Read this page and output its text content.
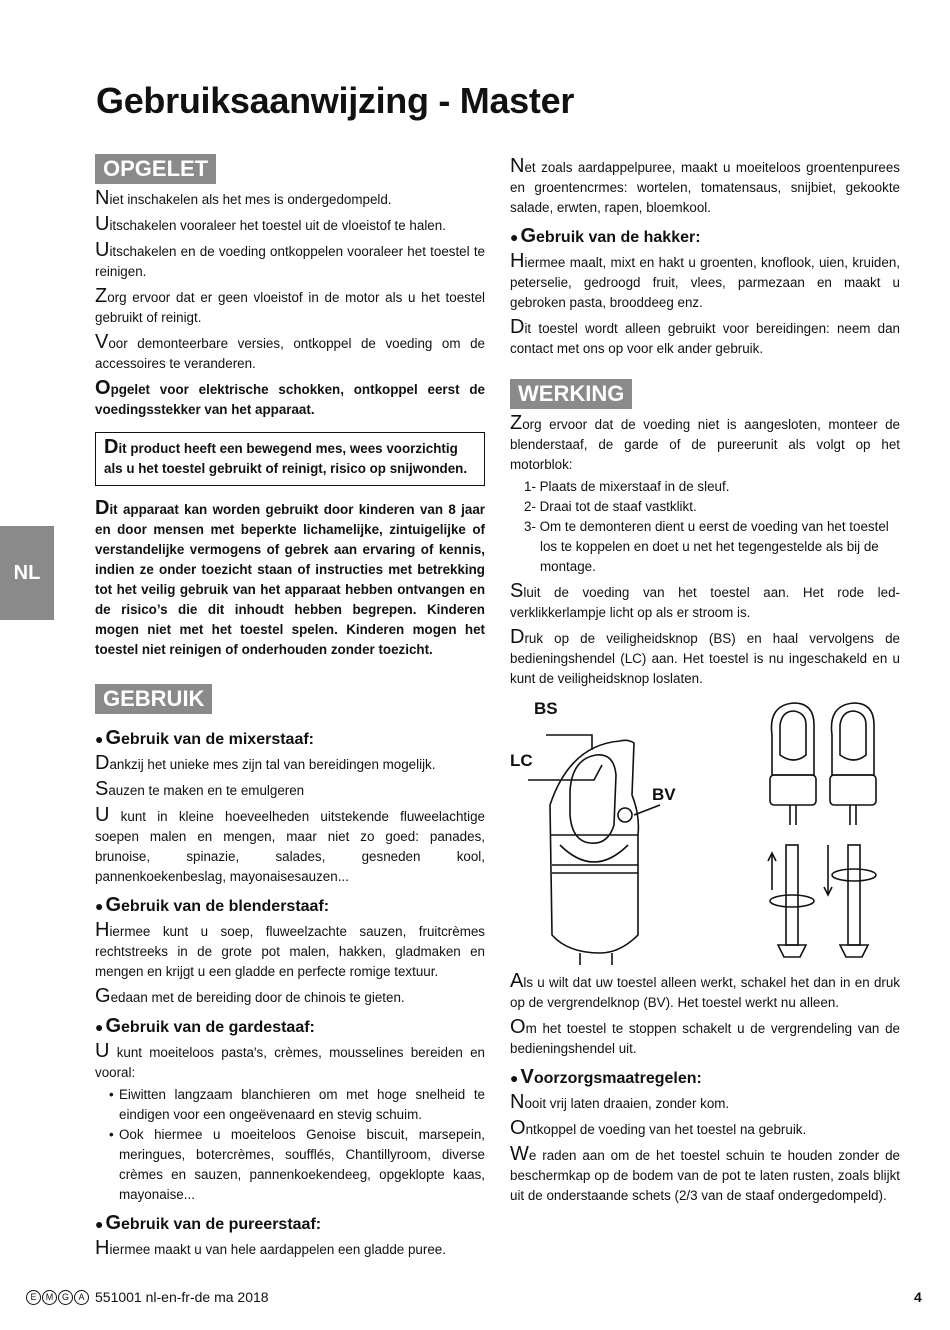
Gebruiksaanwijzing - Master
NL
OPGELET

Niet inschakelen als het mes is ondergedompeld.

Uitschakelen vooraleer het toestel uit de vloeistof te halen.

Uitschakelen en de voeding ontkoppelen vooraleer het toestel te reinigen.

Zorg ervoor dat er geen vloeistof in de motor als u het toestel gebruikt of reinigt.

Voor demonteerbare versies, ontkoppel de voeding om de accessoires te veranderen.

Opgelet voor elektrische schokken, ontkoppel eerst de voedingsstekker van het apparaat.

Dit product heeft een bewegend mes, wees voorzichtig als u het toestel gebruikt of reinigt, risico op snijwonden.

Dit apparaat kan worden gebruikt door kinderen van 8 jaar en door mensen met beperkte lichamelijke, zintuigelijke of verstandelijke vermogens of gebrek aan ervaring of kennis, indien ze onder toezicht staan of instructies met betrekking tot het veilig gebruik van het apparaat hebben ontvangen en de risico’s die dit inhoudt hebben begrepen. Kinderen mogen niet met het toestel spelen. Kinderen mogen het toestel niet reinigen of onderhouden zonder toezicht.

GEBRUIK
● Gebruik van de mixerstaaf:

Dankzij het unieke mes zijn tal van bereidingen mogelijk.

Sauzen te maken en te emulgeren

U kunt in kleine hoeveelheden uitstekende fluweelachtige soepen malen en mengen, maar niet zo goed: panades, brunoise, spinazie, salades, gesneden kool, pannenkoekenbeslag, mayonaisesauzen...

● Gebruik van de blenderstaaf:

Hiermee kunt u soep, fluweelzachte sauzen, fruitcrèmes rechtstreeks in de grote pot malen, hakken, gladmaken en mengen en krijgt u een gladde en perfecte romige textuur.

Gedaan met de bereiding door de chinois te gieten.

● Gebruik van de gardestaaf:

U kunt moeiteloos pasta's, crèmes, mousselines bereiden en vooral:

• Eiwitten langzaam blanchieren om met hoge snelheid te eindigen voor een ongeëvenaard en stevig schuim.
• Ook hiermee u moeiteloos Genoise biscuit, marsepein, meringues, botercrèmes, soufflés, Chantillyroom, diverse crèmes en sauzen, pannenkoekendeeg, opgeklopte kaas, mayonaise...
● Gebruik van de pureerstaaf:

Hiermee maakt u van hele aardappelen een gladde puree.

Net zoals aardappelpuree, maakt u moeiteloos groentenpurees en groentencrmes: wortelen, tomatensaus, snijbiet, gekookte salade, erwten, rapen, bloemkool.

● Gebruik van de hakker:

Hiermee maalt, mixt en hakt u groenten, knoflook, uien, kruiden, peterselie, gedroogd fruit, vlees, parmezaan en maakt u gebroken pasta, brooddeeg enz.

Dit toestel wordt alleen gebruikt voor bereidingen: neem dan contact met ons op voor elk ander gebruik.

WERKING

Zorg ervoor dat de voeding niet is aangesloten, monteer de blenderstaaf, de garde of de pureerunit als volgt op het motorblok:

1- Plaats de mixerstaaf in de sleuf.
2- Draai tot de staaf vastklikt.
3- Om te demonteren dient u eerst de voeding van het toestel los te koppelen en doet u net het tegengestelde als bij de montage.

Sluit de voeding van het toestel aan. Het rode led-verklikkerlampje licht op als er stroom is.

Druk op de veiligheidsknop (BS) en haal vervolgens de bedieningshendel (LC) aan. Het toestel is nu ingeschakeld en u kunt de veiligheidsknop loslaten.

BS
LC
BV

Als u wilt dat uw toestel alleen werkt, schakel het dan in en druk op de vergrendelknop (BV). Het toestel werkt nu alleen.

Om het toestel te stoppen schakelt u de vergrendeling van de bedieningshendel uit.

● Voorzorgsmaatregelen:

Nooit vrij laten draaien, zonder kom.

Ontkoppel de voeding van het toestel na gebruik.

We raden aan om de het toestel schuin te houden zonder de beschermkap op de bodem van de pot te laten rusten, zoals blijkt uit de onderstaande schets (2/3 van de staaf ondergedompeld).

E	M G	A 551001 nl-en-fr-de ma 2018	4
